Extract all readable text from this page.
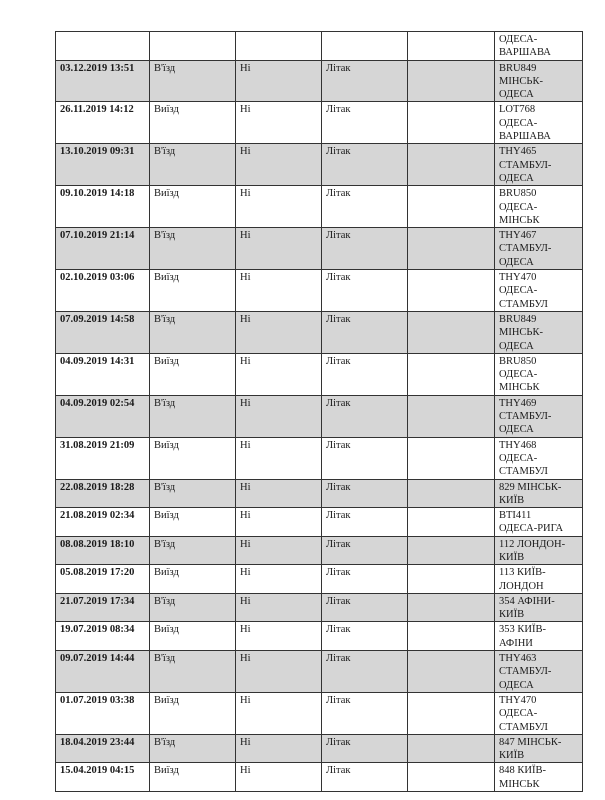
					ОДЕСА-
ВАРШАВА
03.12.2019 13:51	В'їзд	Ні	Літак		BRU849
МІНСЬК-
ОДЕСА
26.11.2019 14:12	Виїзд	Ні	Літак		LOT768
ОДЕСА-
ВАРШАВА
13.10.2019 09:31	В'їзд	Ні	Літак		THY465
СТАМБУЛ-
ОДЕСА
09.10.2019 14:18	Виїзд	Ні	Літак		BRU850
ОДЕСА-
МІНСЬК
07.10.2019 21:14	В'їзд	Ні	Літак		THY467
СТАМБУЛ-
ОДЕСА
02.10.2019 03:06	Виїзд	Ні	Літак		THY470
ОДЕСА-
СТАМБУЛ
07.09.2019 14:58	В'їзд	Ні	Літак		BRU849
МІНСЬК-
ОДЕСА
04.09.2019 14:31	Виїзд	Ні	Літак		BRU850
ОДЕСА-
МІНСЬК
04.09.2019 02:54	В'їзд	Ні	Літак		THY469
СТАМБУЛ-
ОДЕСА
31.08.2019 21:09	Виїзд	Ні	Літак		THY468
ОДЕСА-
СТАМБУЛ
22.08.2019 18:28	В'їзд	Ні	Літак		829 МІНСЬК-
КИЇВ
21.08.2019 02:34	Виїзд	Ні	Літак		BTI411
ОДЕСА-РИГА
08.08.2019 18:10	В'їзд	Ні	Літак		112 ЛОНДОН-
КИЇВ
05.08.2019 17:20	Виїзд	Ні	Літак		113 КИЇВ-
ЛОНДОН
21.07.2019 17:34	В'їзд	Ні	Літак		354 АФІНИ-
КИЇВ
19.07.2019 08:34	Виїзд	Ні	Літак		353 КИЇВ-
АФІНИ
09.07.2019 14:44	В'їзд	Ні	Літак		THY463
СТАМБУЛ-
ОДЕСА
01.07.2019 03:38	Виїзд	Ні	Літак		THY470
ОДЕСА-
СТАМБУЛ
18.04.2019 23:44	В'їзд	Ні	Літак		847 МІНСЬК-
КИЇВ
15.04.2019 04:15	Виїзд	Ні	Літак		848 КИЇВ-
МІНСЬК
